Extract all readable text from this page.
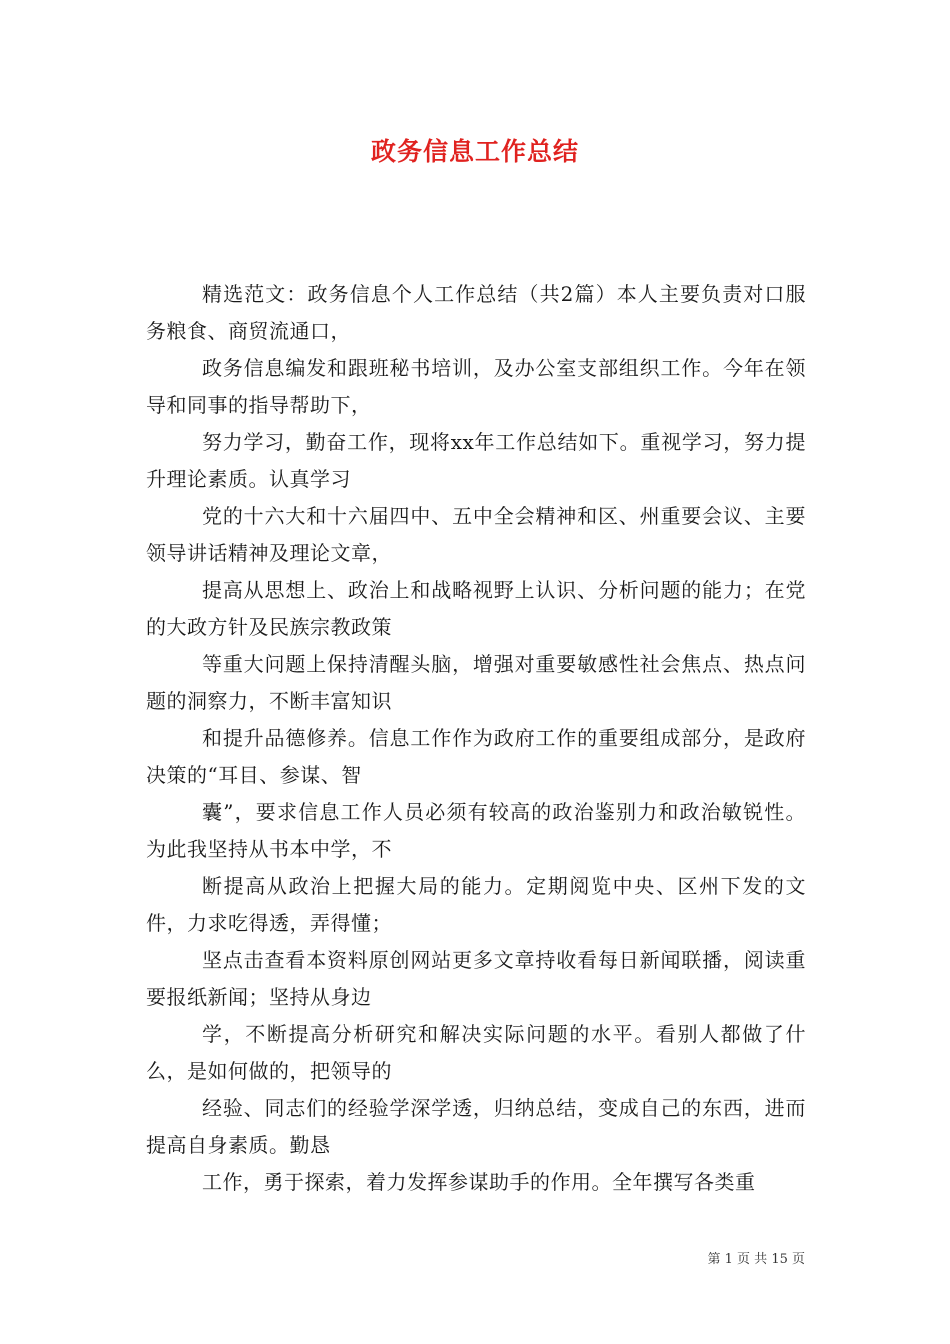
政务信息工作总结

精选范文：政务信息个人工作总结（共2篇）本人主要负责对口服务粮食、商贸流通口，

政务信息编发和跟班秘书培训，及办公室支部组织工作。今年在领导和同事的指导帮助下，

努力学习，勤奋工作，现将xx年工作总结如下。重视学习，努力提升理论素质。认真学习

党的十六大和十六届四中、五中全会精神和区、州重要会议、主要领导讲话精神及理论文章，

提高从思想上、政治上和战略视野上认识、分析问题的能力；在党的大政方针及民族宗教政策

等重大问题上保持清醒头脑，增强对重要敏感性社会焦点、热点问题的洞察力，不断丰富知识

和提升品德修养。信息工作作为政府工作的重要组成部分，是政府决策的“耳目、参谋、智

囊”，要求信息工作人员必须有较高的政治鉴别力和政治敏锐性。为此我坚持从书本中学，不

断提高从政治上把握大局的能力。定期阅览中央、区州下发的文件，力求吃得透，弄得懂；

坚点击查看本资料原创网站更多文章持收看每日新闻联播，阅读重要报纸新闻；坚持从身边

学，不断提高分析研究和解决实际问题的水平。看别人都做了什么，是如何做的，把领导的

经验、同志们的经验学深学透，归纳总结，变成自己的东西，进而提高自身素质。勤恳

工作，勇于探索，着力发挥参谋助手的作用。全年撰写各类重

第 1 页 共 15 页
